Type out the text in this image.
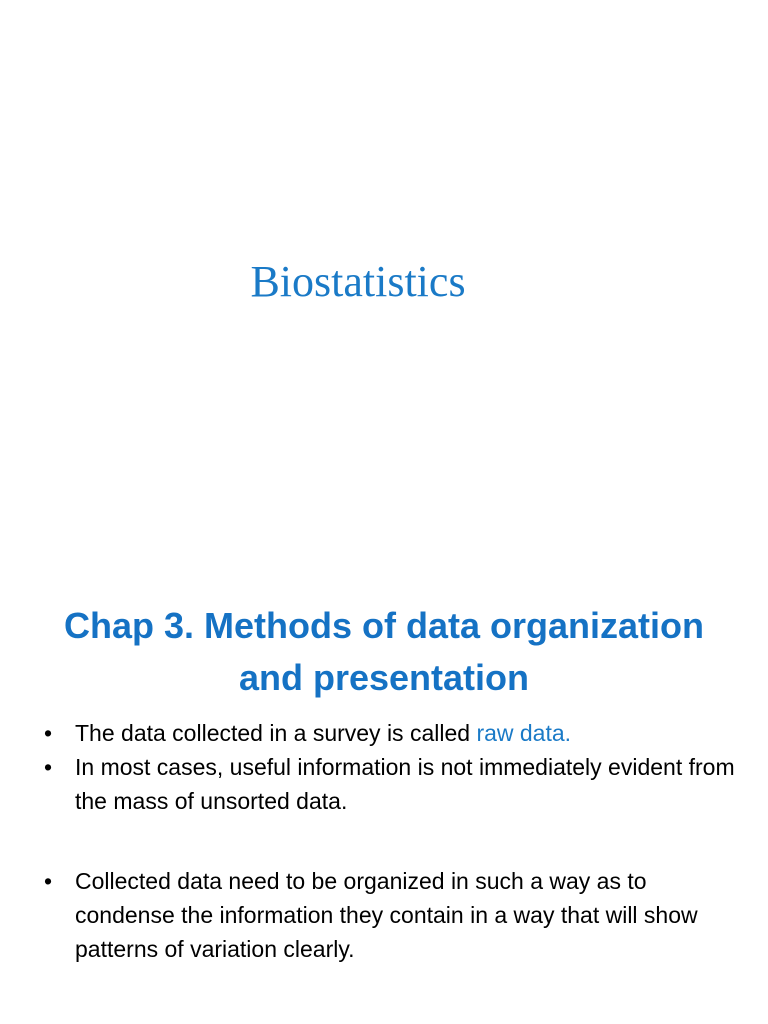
Biostatistics
Chap 3. Methods of data organization
and presentation
• The data collected in a survey is called raw data.
• In most cases, useful information is not immediately evident from the mass of unsorted data.
• Collected data need to be organized in such a way as to condense the information they contain in a way that will show patterns of variation clearly.
